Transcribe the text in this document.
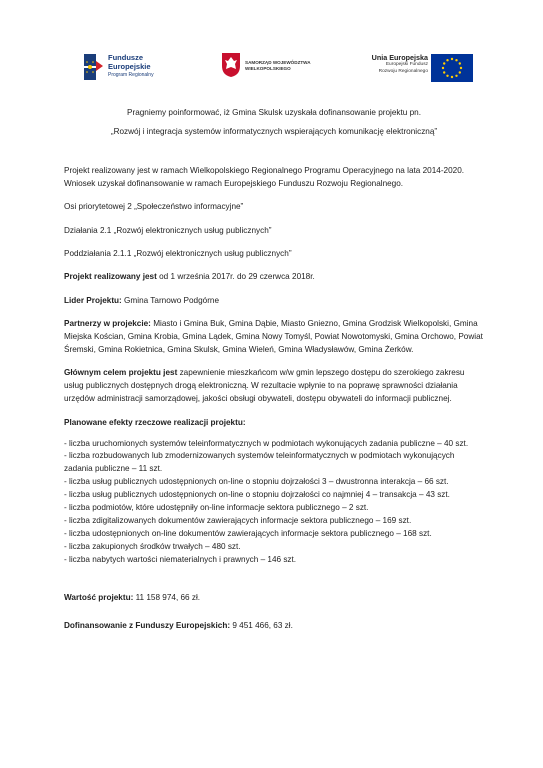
Fundusze Europejskie
Program Regionalny
SAMORZĄD WOJEWÓDZTWA
WIELKOPOLSKIEGO
Unia Europejska
Europejski Fundusz
Rozwoju Regionalnego

Pragniemy poinformować, iż Gmina Skulsk uzyskała dofinansowanie projektu pn.

„Rozwój i integracja systemów informatycznych wspierających komunikację elektroniczną”

Projekt realizowany jest w ramach Wielkopolskiego Regionalnego Programu Operacyjnego na lata 2014-2020. Wniosek uzyskał dofinansowanie w ramach Europejskiego Funduszu Rozwoju Regionalnego.

Osi priorytetowej 2 „Społeczeństwo informacyjne”

Działania 2.1 „Rozwój elektronicznych usług publicznych”

Poddziałania 2.1.1 „Rozwój elektronicznych usług publicznych”

Projekt realizowany jest od 1 września 2017r. do 29 czerwca 2018r.

Lider Projektu: Gmina Tarnowo Podgórne

Partnerzy w projekcie: Miasto i Gmina Buk, Gmina Dąbie, Miasto Gniezno, Gmina Grodzisk Wielkopolski, Gmina Miejska Kościan, Gmina Krobia, Gmina Lądek, Gmina Nowy Tomyśl, Powiat Nowotomyski, Gmina Orchowo, Powiat Śremski, Gmina Rokietnica, Gmina Skulsk, Gmina Wieleń, Gmina Władysławów, Gmina Żerków.

Głównym celem projektu jest zapewnienie mieszkańcom w/w gmin lepszego dostępu do szerokiego zakresu usług publicznych dostępnych drogą elektroniczną. W rezultacie wpłynie to na poprawę sprawności działania urzędów administracji samorządowej, jakości obsługi obywateli, dostępu obywateli do informacji publicznej.

Planowane efekty rzeczowe realizacji projektu:

- liczba uruchomionych systemów teleinformatycznych w podmiotach wykonujących zadania publiczne – 40 szt.

- liczba rozbudowanych lub zmodernizowanych systemów teleinformatycznych w podmiotach wykonujących zadania publiczne – 11 szt.

- liczba usług publicznych udostępnionych on-line o stopniu dojrzałości 3 – dwustronna interakcja – 66 szt.

- liczba usług publicznych udostępnionych on-line o stopniu dojrzałości co najmniej 4 – transakcja – 43 szt.

- liczba podmiotów, które udostępniły on-line informacje sektora publicznego – 2 szt.

- liczba zdigitalizowanych dokumentów zawierających informacje sektora publicznego – 169 szt.

- liczba udostępnionych on-line dokumentów zawierających informacje sektora publicznego – 168 szt.

- liczba zakupionych środków trwałych – 480 szt.

- liczba nabytych wartości niematerialnych i prawnych – 146 szt.

Wartość projektu: 11 158 974, 66 zł.

Dofinansowanie z Funduszy Europejskich: 9 451 466, 63 zł.
